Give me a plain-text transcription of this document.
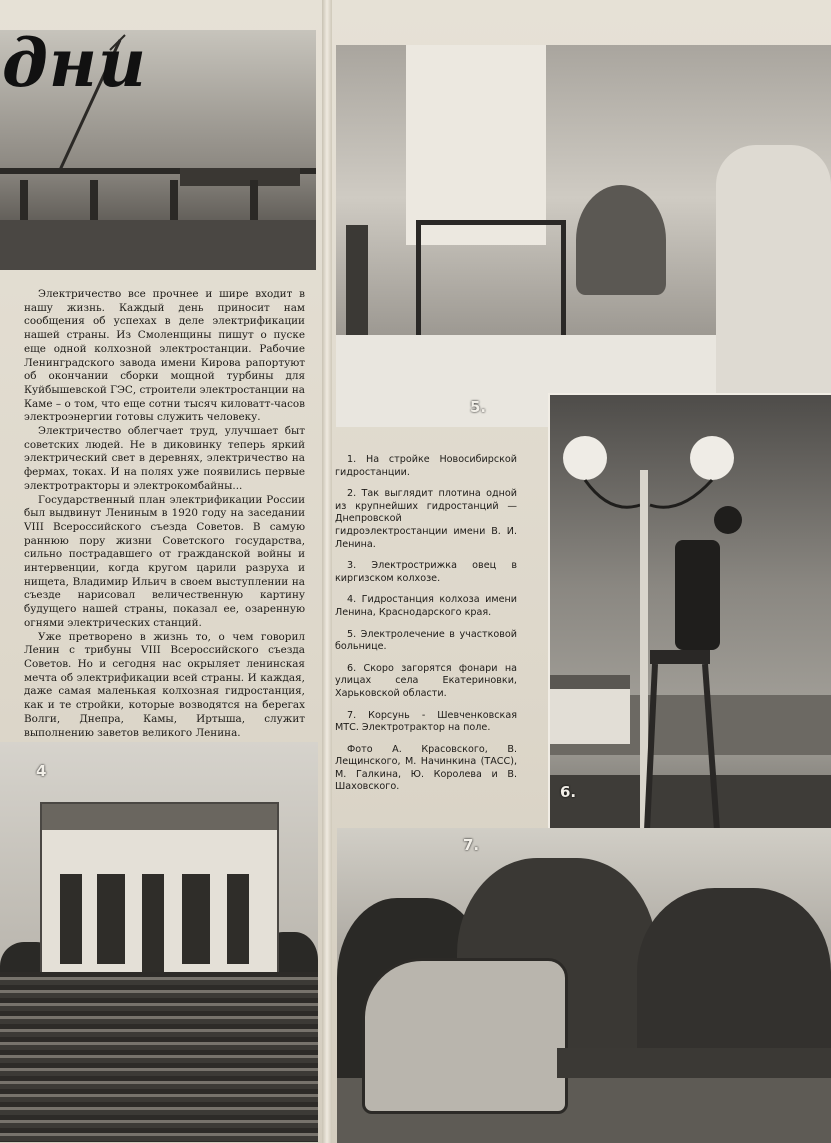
дни

Электричество все прочнее и шире входит в нашу жизнь. Каждый день приносит нам сообщения об успехах в деле электрификации нашей страны. Из Смоленщины пишут о пуске еще одной колхозной электростанции. Рабочие Ленинградского завода имени Кирова рапортуют об окончании сборки мощной турбины для Куйбышевской ГЭС, строители электростанции на Каме – о том, что еще сотни тысяч киловатт-часов электроэнергии готовы служить человеку.

Электричество облегчает труд, улучшает быт советских людей. Не в диковинку теперь яркий электрический свет в деревнях, электричество на фермах, токах. И на полях уже появились первые электротракторы и электрокомбайны...

Государственный план электрификации России был выдвинут Лениным в 1920 году на заседании VIII Всероссийского съезда Советов. В самую раннюю пору жизни Советского государства, сильно пострадавшего от гражданской войны и интервенции, когда кругом царили разруха и нищета, Владимир Ильич в своем выступлении на съезде нарисовал величественную картину будущего нашей страны, показал ее, озаренную огнями электрических станций.

Уже претворено в жизнь то, о чем говорил Ленин с трибуны VIII Всероссийского съезда Советов. Но и сегодня нас окрыляет ленинская мечта об электрификации всей страны. И каждая, даже самая маленькая колхозная гидростанция, как и те стройки, которые возводятся на берегах Волги, Днепра, Камы, Иртыша, служит выполнению заветов великого Ленина.

4
5.

1. На стройке Новосибирской гидростанции.

2. Так выглядит плотина одной из крупнейших гидростанций — Днепровской гидроэлектростанции имени В. И. Ленина.

3. Электрострижка овец в киргизском колхозе.

4. Гидростанция колхоза имени Ленина, Краснодарского края.

5. Электролечение в участковой больнице.

6. Скоро загорятся фонари на улицах села Екатериновки, Харьковской области.

7. Корсунь - Шевченковская МТС. Электротрактор на поле.

Фото А. Красовского, В. Лещинского, М. Начинкина (ТАСС), М. Галкина, Ю. Королева и В. Шаховского.	6.
7.
